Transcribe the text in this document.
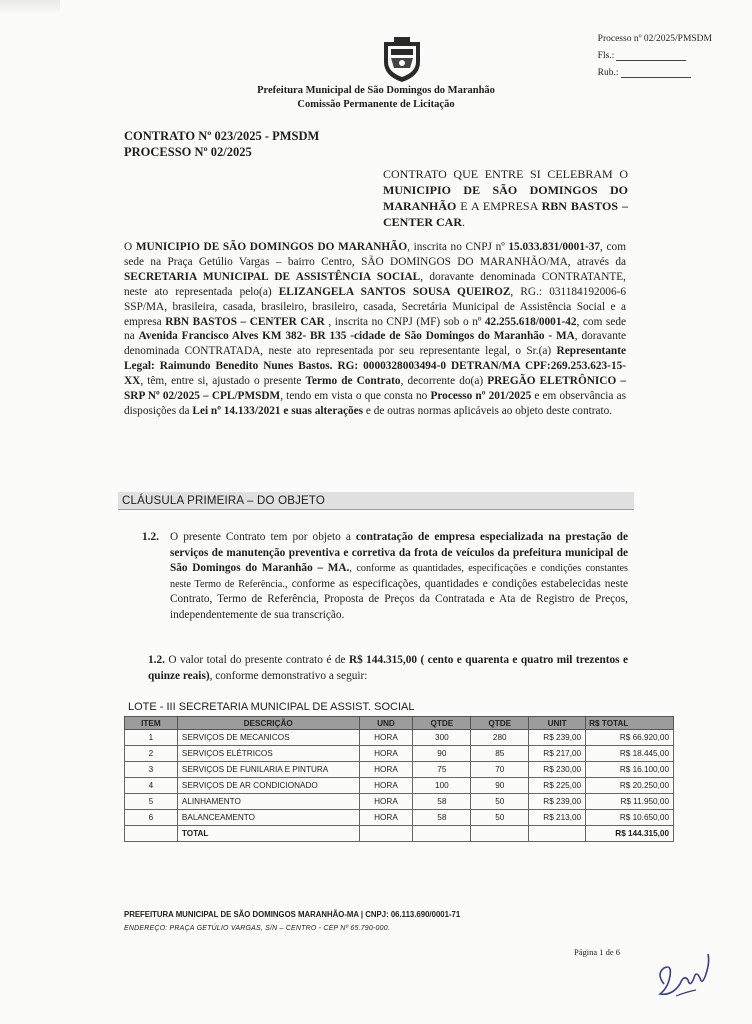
Processo nº 02/2025/PMSDM
Fls.:
Rub.:
Prefeitura Municipal de São Domingos do Maranhão
Comissão Permanente de Licitação
CONTRATO Nº 023/2025 - PMSDM
PROCESSO Nº 02/2025
CONTRATO QUE ENTRE SI CELEBRAM O MUNICIPIO DE SÃO DOMINGOS DO MARANHÃO E A EMPRESA RBN BASTOS – CENTER CAR.
O MUNICIPIO DE SÃO DOMINGOS DO MARANHÃO, inscrita no CNPJ nº 15.033.831/0001-37, com sede na Praça Getúlio Vargas – bairro Centro, SÃO DOMINGOS DO MARANHÃO/MA, através da SECRETARIA MUNICIPAL DE ASSISTÊNCIA SOCIAL, doravante denominada CONTRATANTE, neste ato representada pelo(a) ELIZANGELA SANTOS SOUSA QUEIROZ, RG.: 031184192006-6 SSP/MA, brasileira, casada, brasileiro, brasileiro, casada, Secretária Municipal de Assistência Social e a empresa RBN BASTOS – CENTER CAR , inscrita no CNPJ (MF) sob o nº 42.255.618/0001-42, com sede na Avenida Francisco Alves KM 382- BR 135 -cidade de São Domingos do Maranhão - MA, doravante denominada CONTRATADA, neste ato representada por seu representante legal, o Sr.(a) Representante Legal: Raimundo Benedito Nunes Bastos. RG: 0000328003494-0 DETRAN/MA CPF:269.253.623-15-XX, têm, entre si, ajustado o presente Termo de Contrato, decorrente do(a) PREGÃO ELETRÔNICO – SRP Nº 02/2025 – CPL/PMSDM, tendo em vista o que consta no Processo nº 201/2025 e em observância as disposições da Lei nº 14.133/2021 e suas alterações e de outras normas aplicáveis ao objeto deste contrato.
CLÁUSULA PRIMEIRA – DO OBJETO
1.2. O presente Contrato tem por objeto a contratação de empresa especializada na prestação de serviços de manutenção preventiva e corretiva da frota de veículos da prefeitura municipal de São Domingos do Maranhão – MA., conforme as quantidades, especificações e condições constantes neste Termo de Referência., conforme as especificações, quantidades e condições estabelecidas neste Contrato, Termo de Referência, Proposta de Preços da Contratada e Ata de Registro de Preços, independentemente de sua transcrição.
1.2. O valor total do presente contrato é de R$ 144.315,00 ( cento e quarenta e quatro mil trezentos e quinze reais), conforme demonstrativo a seguir:
LOTE - III SECRETARIA MUNICIPAL DE ASSIST. SOCIAL
ITEM	DESCRIÇÃO	UND	QTDE	QTDE	UNIT	R$ TOTAL
1	SERVIÇOS DE MECANICOS	HORA	300	280	R$ 239,00	R$ 66.920,00
2	SERVIÇOS ELÉTRICOS	HORA	90	85	R$ 217,00	R$ 18.445,00
3	SERVIÇOS DE FUNILARIA E PINTURA	HORA	75	70	R$ 230,00	R$ 16.100,00
4	SERVIÇOS DE AR CONDICIONADO	HORA	100	90	R$ 225,00	R$ 20.250,00
5	ALINHAMENTO	HORA	58	50	R$ 239,00	R$ 11.950,00
6	BALANCEAMENTO	HORA	58	50	R$ 213,00	R$ 10.650,00
	TOTAL					R$ 144.315,00
PREFEITURA MUNICIPAL DE SÃO DOMINGOS MARANHÃO-MA | CNPJ: 06.113.690/0001-71
ENDEREÇO: PRAÇA GETÚLIO VARGAS, S/N – CENTRO - CEP Nº 65.790-000.
Página 1 de 6
